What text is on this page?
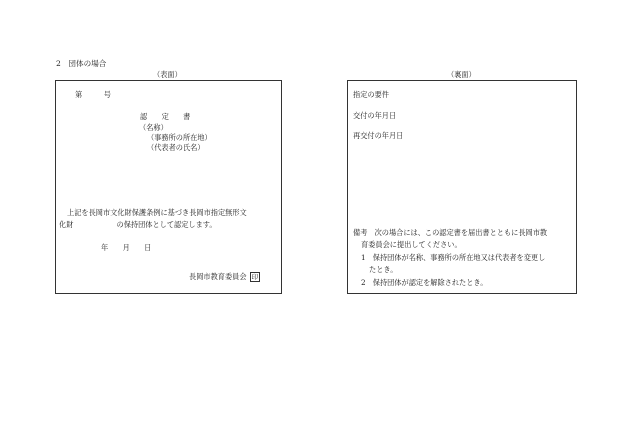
2　団体の場合
（表面）	（裏面）
第　　　号
認　　定　　書
（名称）
（事務所の所在地）
（代表者の氏名）
上記を長岡市文化財保護条例に基づき長岡市指定無形文
化財　　　　　　の保持団体として認定します。
年　　月　　日
長岡市教育委員会 印
指定の要件
交付の年月日
再交付の年月日
備考　次の場合には、この認定書を届出書とともに長岡市教
育委員会に提出してください。
1　保持団体が名称、事務所の所在地又は代表者を変更し
たとき。
2　保持団体が認定を解除されたとき。
